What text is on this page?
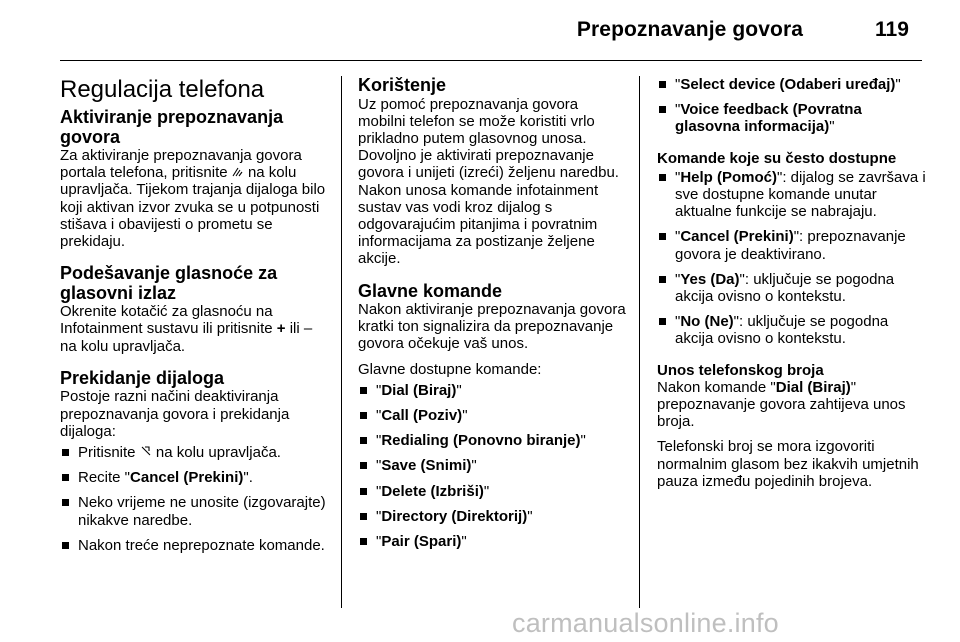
Prepoznavanje govora	119
Regulacija telefona
Aktiviranje prepoznavanja govora

Za aktiviranje prepoznavanja govora portala telefona, pritisnite na kolu upravljača. Tijekom trajanja dijaloga bilo koji aktivan izvor zvuka se u potpunosti stišava i obavijesti o prometu se prekidaju.

Podešavanje glasnoće za glasovni izlaz

Okrenite kotačić za glasnoću na Infotainment sustavu ili pritisnite + ili – na kolu upravljača.

Prekidanje dijaloga

Postoje razni načini deaktiviranja prepoznavanja govora i prekidanja dijaloga:

Pritisnite na kolu upravljača.
Recite "Cancel (Prekini)".
Neko vrijeme ne unosite (izgovarajte) nikakve naredbe.
Nakon treće neprepoznate komande.
Korištenje

Uz pomoć prepoznavanja govora mobilni telefon se može koristiti vrlo prikladno putem glasovnog unosa. Dovoljno je aktivirati prepoznavanje govora i unijeti (izreći) željenu naredbu. Nakon unosa komande infotainment sustav vas vodi kroz dijalog s odgovarajućim pitanjima i povratnim informacijama za postizanje željene akcije.

Glavne komande

Nakon aktiviranje prepoznavanja govora kratki ton signalizira da prepoznavanje govora očekuje vaš unos.

Glavne dostupne komande:

"Dial (Biraj)"
"Call (Poziv)"
"Redialing (Ponovno biranje)"
"Save (Snimi)"
"Delete (Izbriši)"
"Directory (Direktorij)"
"Pair (Spari)"
"Select device (Odaberi uređaj)"
"Voice feedback (Povratna glasovna informacija)"
Komande koje su često dostupne
"Help (Pomoć)": dijalog se završava i sve dostupne komande unutar aktualne funkcije se nabrajaju.
"Cancel (Prekini)": prepoznavanje govora je deaktivirano.
"Yes (Da)": uključuje se pogodna akcija ovisno o kontekstu.
"No (Ne)": uključuje se pogodna akcija ovisno o kontekstu.
Unos telefonskog broja

Nakon komande "Dial (Biraj)" prepoznavanje govora zahtijeva unos broja.

Telefonski broj se mora izgovoriti normalnim glasom bez ikakvih umjetnih pauza između pojedinih brojeva.

carmanualsonline.info
